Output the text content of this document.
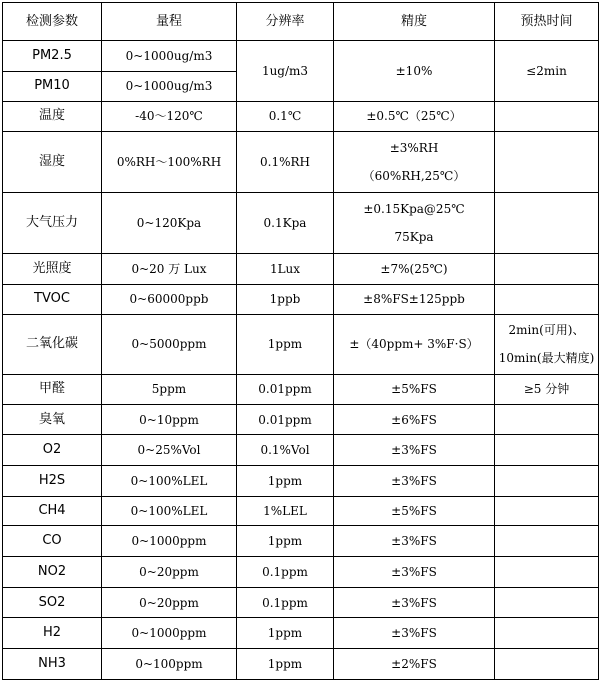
检测参数	量程	分辨率	精度	预热时间
PM2.5	0~1000ug/m3	1ug/m3	±10%	≤2min
PM10	0~1000ug/m3			
温度	-40～120℃	0.1℃	±0.5℃（25℃）	
湿度	0%RH～100%RH	0.1%RH	±3%RH
（60%RH,25℃）	

大气压力	0~120Kpa	0.1Kpa	±0.15Kpa@25℃
75Kpa	

光照度	0~20 万 Lux	1Lux	±7%(25℃)	
TVOC	0~60000ppb	1ppb	±8%FS±125ppb	
二氧化碳	0~5000ppm	1ppm	±（40ppm+ 3%F·S）	2min(可用)、
10min(最大精度)

甲醛	5ppm	0.01ppm	±5%FS	≥5 分钟
臭氧	0~10ppm	0.01ppm	±6%FS	
O2	0~25%Vol	0.1%Vol	±3%FS	
H2S	0~100%LEL	1ppm	±3%FS	
CH4	0~100%LEL	1%LEL	±5%FS	
CO	0~1000ppm	1ppm	±3%FS	
NO2	0~20ppm	0.1ppm	±3%FS	
SO2	0~20ppm	0.1ppm	±3%FS	
H2	0~1000ppm	1ppm	±3%FS	
NH3	0~100ppm	1ppm	±2%FS	
